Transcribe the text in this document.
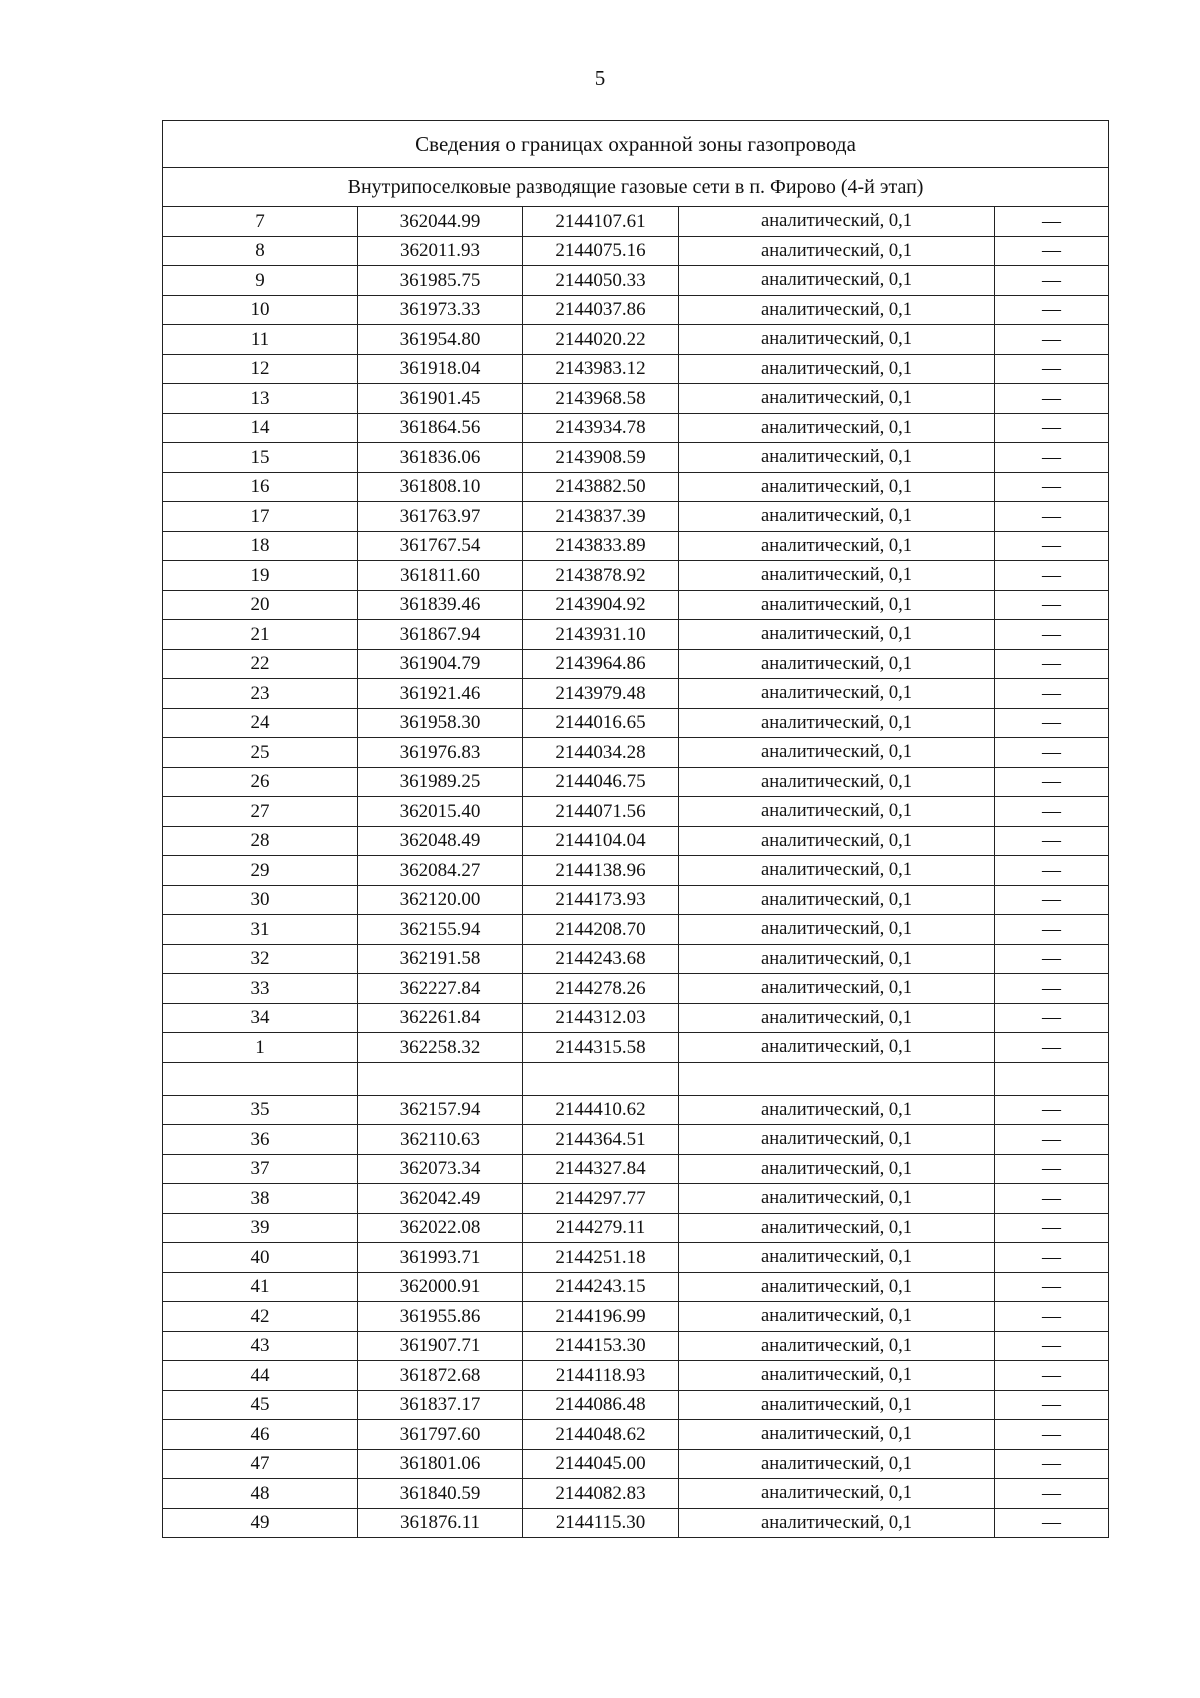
5
Сведения о границах охранной зоны газопровода				
Внутрипоселковые разводящие газовые сети в п. Фирово (4-й этап)				
7	362044.99	2144107.61	аналитический, 0,1	—
8	362011.93	2144075.16	аналитический, 0,1	—
9	361985.75	2144050.33	аналитический, 0,1	—
10	361973.33	2144037.86	аналитический, 0,1	—
11	361954.80	2144020.22	аналитический, 0,1	—
12	361918.04	2143983.12	аналитический, 0,1	—
13	361901.45	2143968.58	аналитический, 0,1	—
14	361864.56	2143934.78	аналитический, 0,1	—
15	361836.06	2143908.59	аналитический, 0,1	—
16	361808.10	2143882.50	аналитический, 0,1	—
17	361763.97	2143837.39	аналитический, 0,1	—
18	361767.54	2143833.89	аналитический, 0,1	—
19	361811.60	2143878.92	аналитический, 0,1	—
20	361839.46	2143904.92	аналитический, 0,1	—
21	361867.94	2143931.10	аналитический, 0,1	—
22	361904.79	2143964.86	аналитический, 0,1	—
23	361921.46	2143979.48	аналитический, 0,1	—
24	361958.30	2144016.65	аналитический, 0,1	—
25	361976.83	2144034.28	аналитический, 0,1	—
26	361989.25	2144046.75	аналитический, 0,1	—
27	362015.40	2144071.56	аналитический, 0,1	—
28	362048.49	2144104.04	аналитический, 0,1	—
29	362084.27	2144138.96	аналитический, 0,1	—
30	362120.00	2144173.93	аналитический, 0,1	—
31	362155.94	2144208.70	аналитический, 0,1	—
32	362191.58	2144243.68	аналитический, 0,1	—
33	362227.84	2144278.26	аналитический, 0,1	—
34	362261.84	2144312.03	аналитический, 0,1	—
1	362258.32	2144315.58	аналитический, 0,1	—

35	362157.94	2144410.62	аналитический, 0,1	—
36	362110.63	2144364.51	аналитический, 0,1	—
37	362073.34	2144327.84	аналитический, 0,1	—
38	362042.49	2144297.77	аналитический, 0,1	—
39	362022.08	2144279.11	аналитический, 0,1	—
40	361993.71	2144251.18	аналитический, 0,1	—
41	362000.91	2144243.15	аналитический, 0,1	—
42	361955.86	2144196.99	аналитический, 0,1	—
43	361907.71	2144153.30	аналитический, 0,1	—
44	361872.68	2144118.93	аналитический, 0,1	—
45	361837.17	2144086.48	аналитический, 0,1	—
46	361797.60	2144048.62	аналитический, 0,1	—
47	361801.06	2144045.00	аналитический, 0,1	—
48	361840.59	2144082.83	аналитический, 0,1	—
49	361876.11	2144115.30	аналитический, 0,1	—
